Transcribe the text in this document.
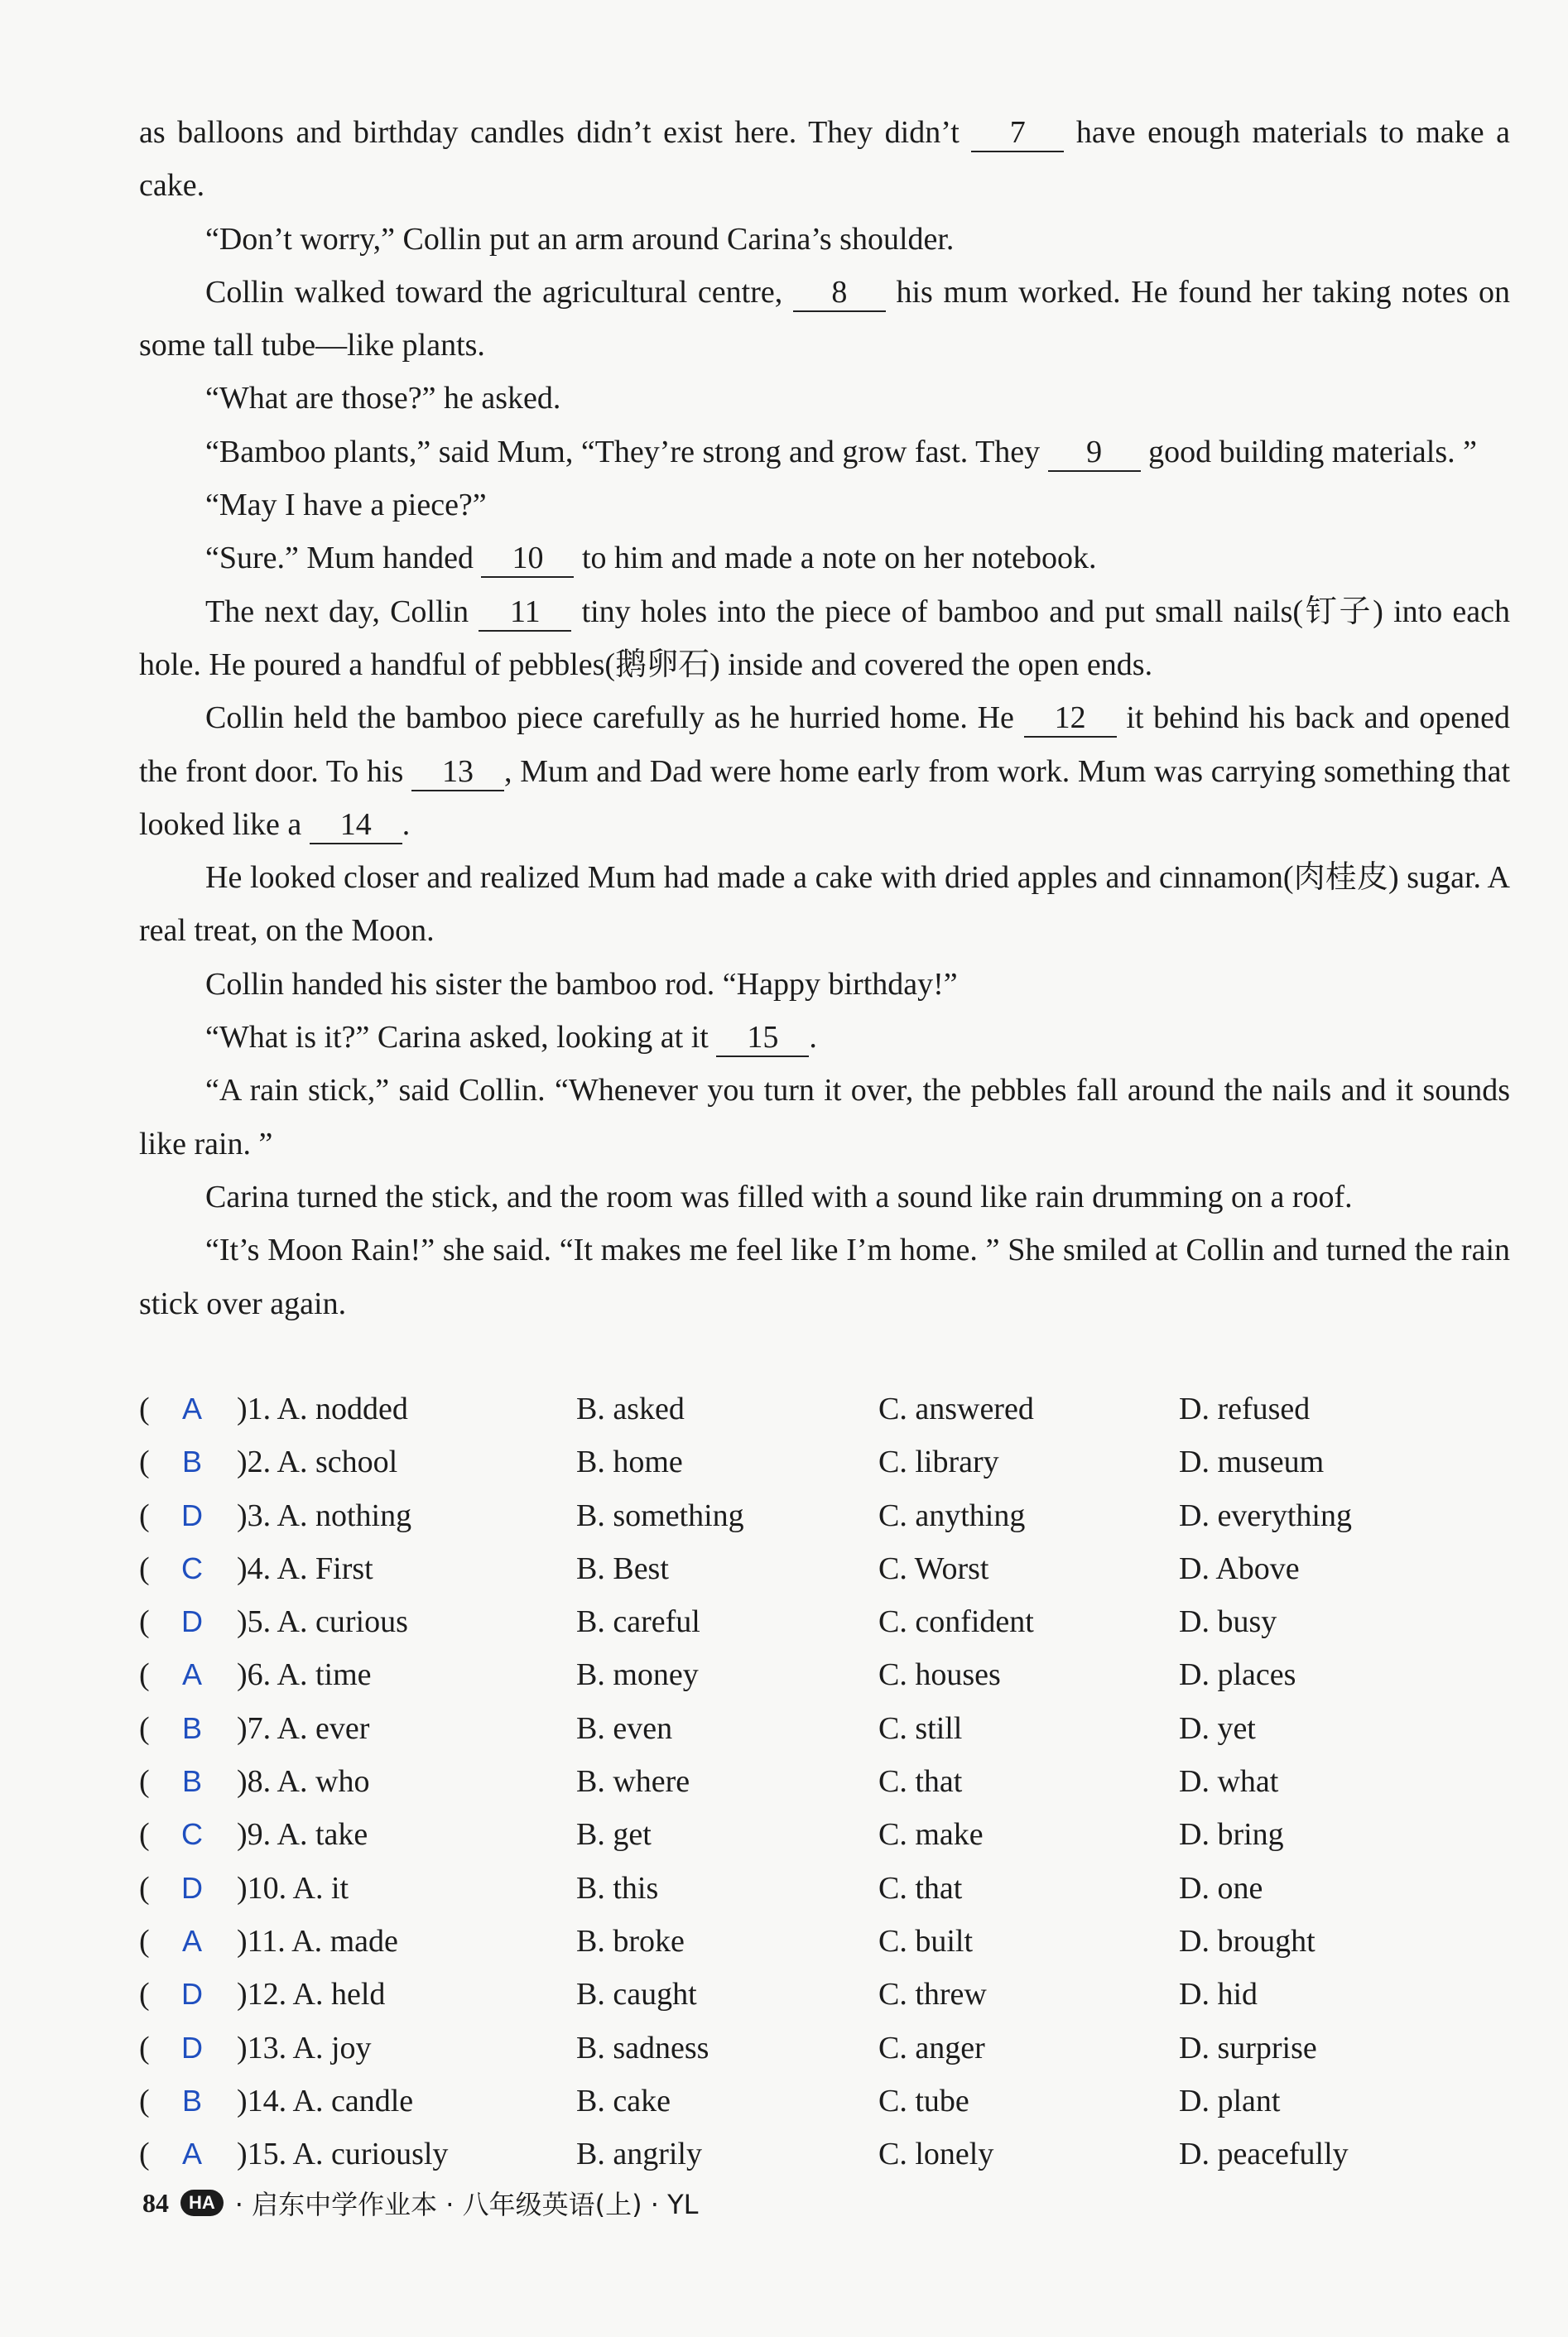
as balloons and birthday candles didn’t exist here. They didn’t 7 have enough materials to make a cake.

“Don’t worry,” Collin put an arm around Carina’s shoulder.

Collin walked toward the agricultural centre, 8 his mum worked. He found her taking notes on some tall tube—like plants.

“What are those?” he asked.

“Bamboo plants,” said Mum, “They’re strong and grow fast. They 9 good building materials. ”

“May I have a piece?”

“Sure.” Mum handed 10 to him and made a note on her notebook.

The next day, Collin 11 tiny holes into the piece of bamboo and put small nails(钉子) into each hole. He poured a handful of pebbles(鹅卵石) inside and covered the open ends.

Collin held the bamboo piece carefully as he hurried home. He 12 it behind his back and opened the front door. To his 13 , Mum and Dad were home early from work. Mum was carrying something that looked like a 14 .

He looked closer and realized Mum had made a cake with dried apples and cinnamon(肉桂皮) sugar. A real treat, on the Moon.

Collin handed his sister the bamboo rod. “Happy birthday!”

“What is it?” Carina asked, looking at it 15 .

“A rain stick,” said Collin. “Whenever you turn it over, the pebbles fall around the nails and it sounds like rain. ”

Carina turned the stick, and the room was filled with a sound like rain drumming on a roof.

“It’s Moon Rain!” she said. “It makes me feel like I’m home. ” She smiled at Collin and turned the rain stick over again.

( A )1. A. nodded	B. asked	C. answered	D. refused
( B )2. A. school	B. home	C. library	D. museum
( D )3. A. nothing	B. something	C. anything	D. everything
( C )4. A. First	B. Best	C. Worst	D. Above
( D )5. A. curious	B. careful	C. confident	D. busy
( A )6. A. time	B. money	C. houses	D. places
( B )7. A. ever	B. even	C. still	D. yet
( B )8. A. who	B. where	C. that	D. what
( C )9. A. take	B. get	C. make	D. bring
( D )10. A. it	B. this	C. that	D. one
( A )11. A. made	B. broke	C. built	D. brought
( D )12. A. held	B. caught	C. threw	D. hid
( D )13. A. joy	B. sadness	C. anger	D. surprise
( B )14. A. candle	B. cake	C. tube	D. plant
( A )15. A. curiously	B. angrily	C. lonely	D. peacefully
84	HA · 启东中学作业本 · 八年级英语(上) · YL
